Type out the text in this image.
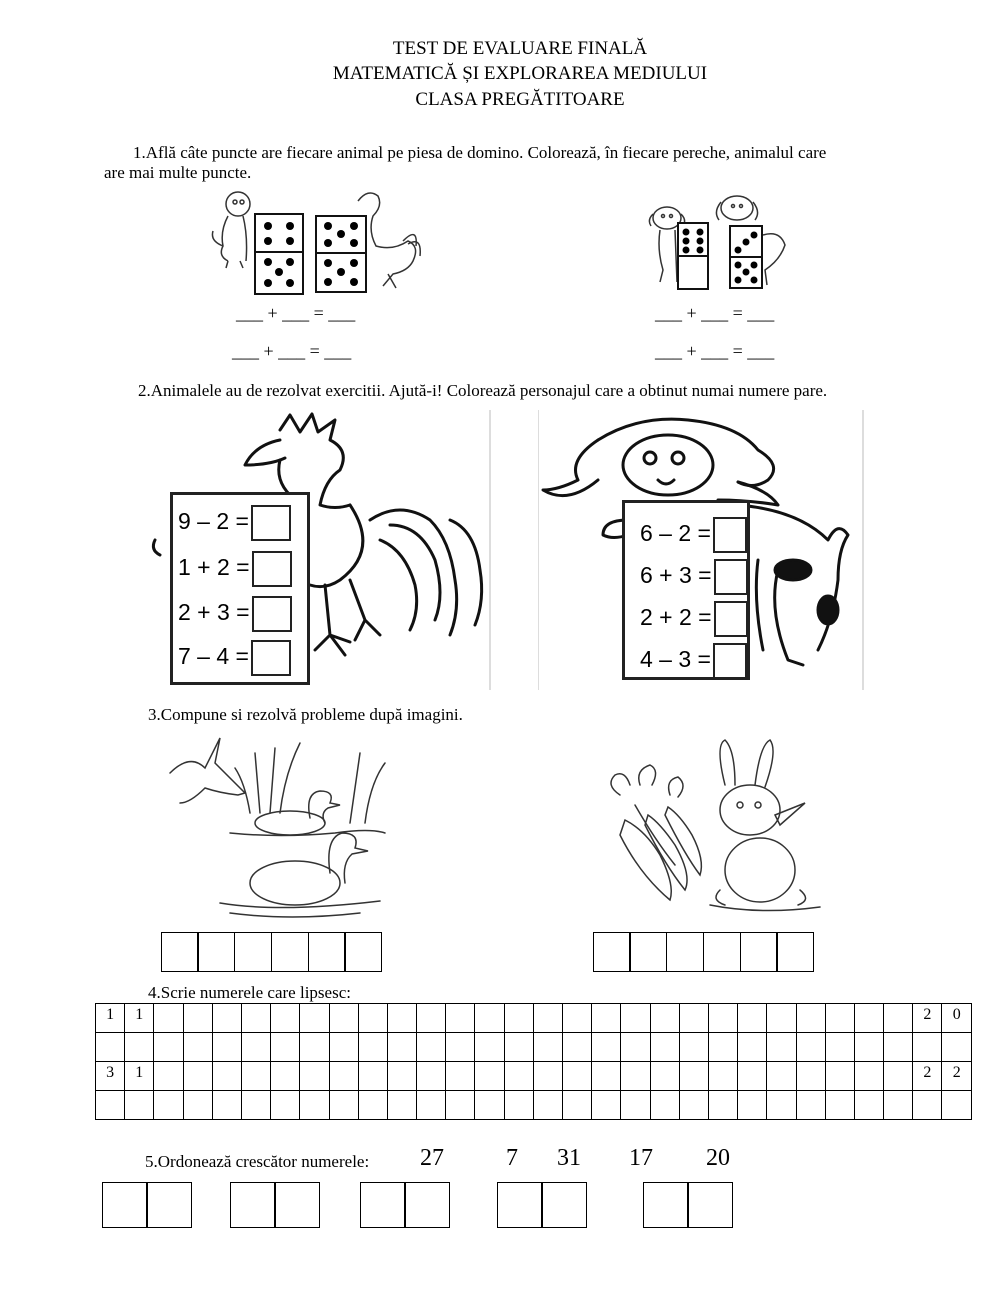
TEST DE EVALUARE FINALĂ
MATEMATICĂ ȘI EXPLORAREA MEDIULUI
CLASA PREGĂTITOARE
1.Află câte puncte are fiecare animal pe piesa de domino. Colorează, în fiecare pereche, animalul care
are mai multe puncte.
___ + ___ = ___	___ + ___ = ___
___ + ___ = ___	___ + ___ = ___
2.Animalele au de rezolvat exercitii. Ajută-i! Colorează personajul care a obtinut numai numere pare.
9 – 2 =
1 + 2 =
2 + 3 =
7 – 4 =
6 – 2 =
6 + 3 =
2 + 2 =
4 – 3 =
3.Compune si rezolvă probleme după imagini.
4.Scrie numerele care lipsesc:
1	1																											2	0

3	1																											2	2

5.Ordonează crescător numerele: 27	7 31 17 20
